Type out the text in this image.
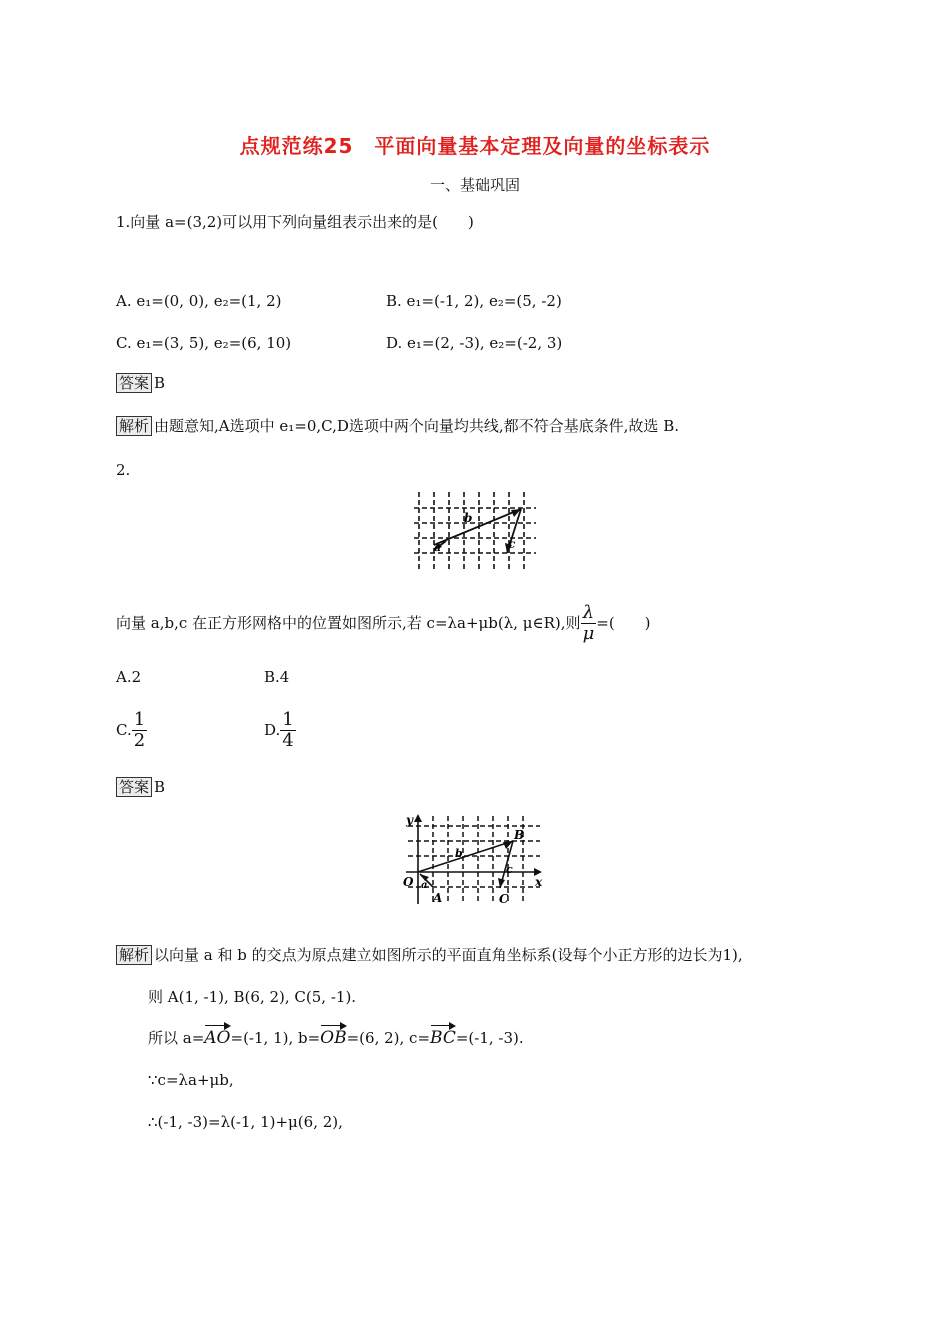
点规范练25　平面向量基本定理及向量的坐标表示
一、基础巩固
1.向量 a=(3,2)可以用下列向量组表示出来的是(　　)
A. e₁=(0, 0), e₂=(1, 2)	B. e₁=(-1, 2), e₂=(5, -2)
C. e₁=(3, 5), e₂=(6, 10)	D. e₁=(2, -3), e₂=(-2, 3)
答案 B
解析 由题意知,A选项中 e₁=0,C,D选项中两个向量均共线,都不符合基底条件,故选 B.
2.
b
c
a
向量 a,b,c 在正方形网格中的位置如图所示,若 c=λa+μb(λ, μ∈R),则 $\frac{\lambda}{\mu}$ =(　　)
A.2	B.4
C. $\frac{1}{2}$	D. $\frac{1}{4}$
答案 B
y
x
O
A
B
C
b
c
a
解析 以向量 a 和 b 的交点为原点建立如图所示的平面直角坐标系(设每个小正方形的边长为1),
则 A(1, -1), B(6, 2), C(5, -1).
所以 a= AO =(-1, 1), b= OB =(6, 2), c= BC =(-1, -3).
∵c=λa+μb,
∴(-1, -3)=λ(-1, 1)+μ(6, 2),
